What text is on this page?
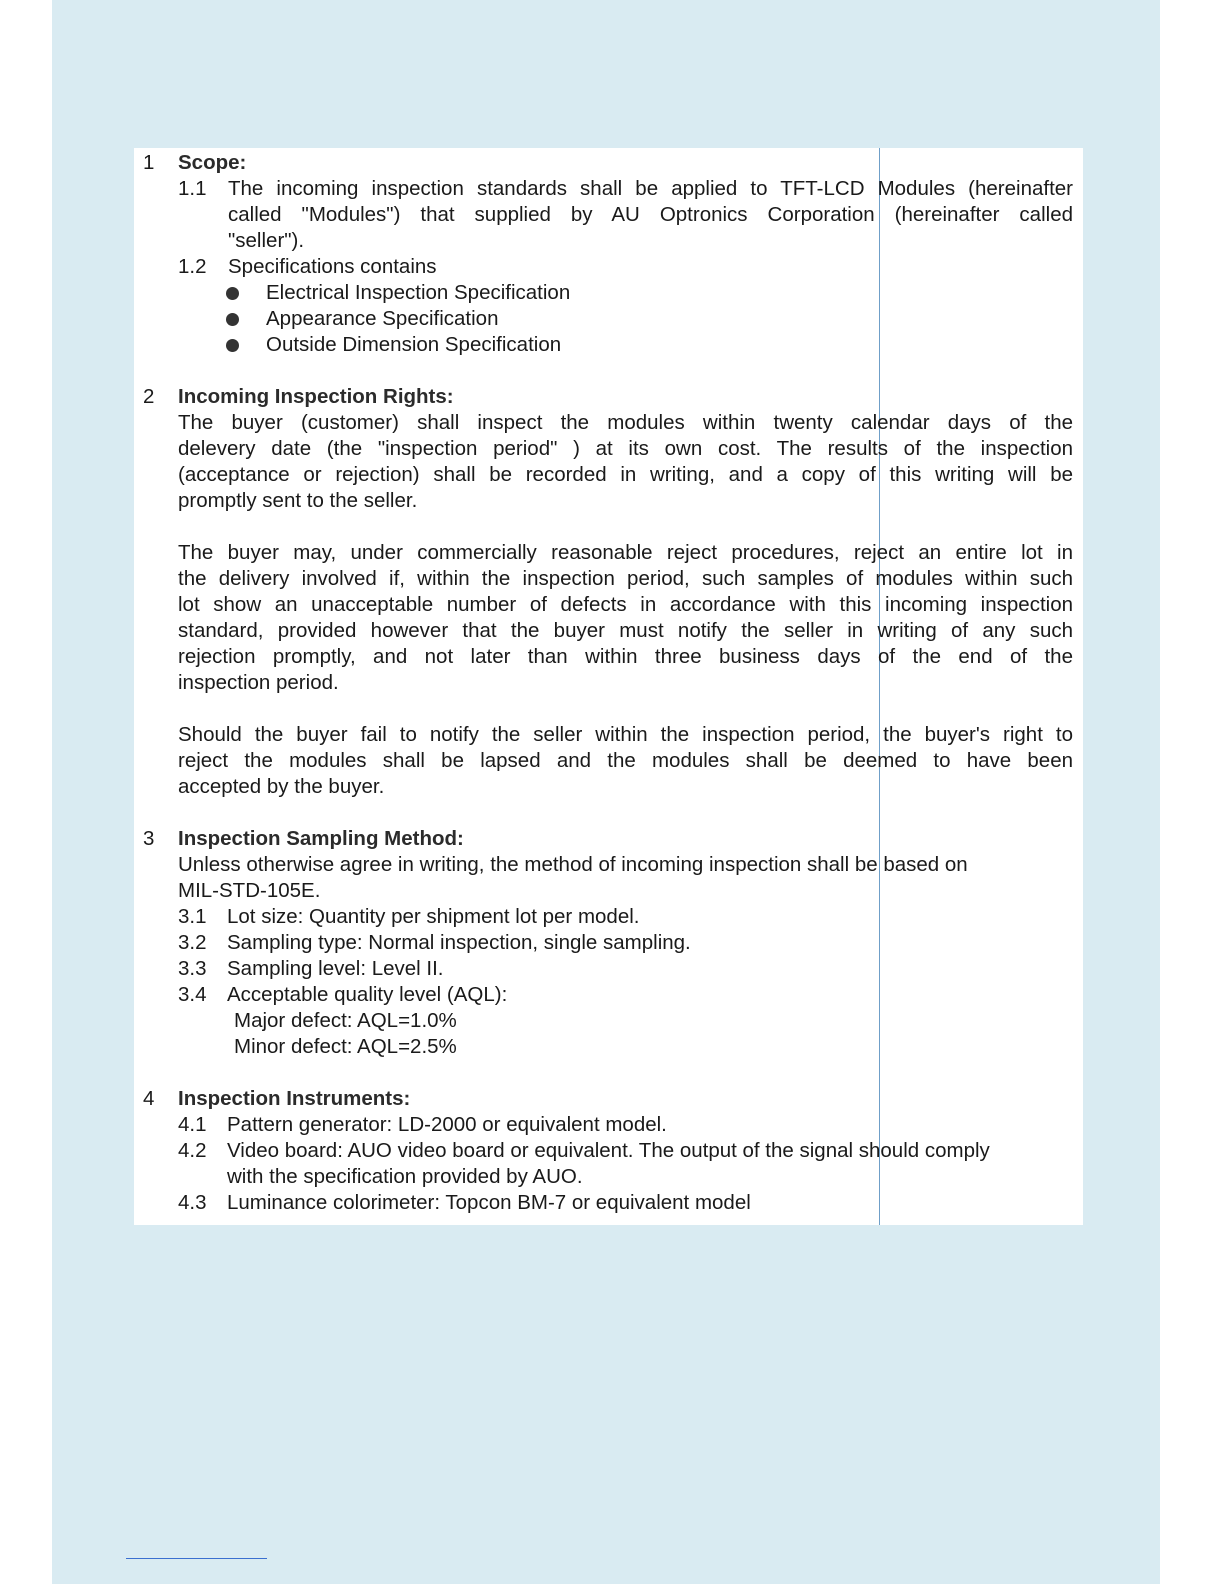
1 Scope:
1.1 The incoming inspection standards shall be applied to TFT-LCD Modules (hereinafter
called "Modules") that supplied by AU Optronics Corporation (hereinafter called
"seller").
1.2 Specifications contains
Electrical Inspection Specification
Appearance Specification
Outside Dimension Specification
2 Incoming Inspection Rights:
The buyer (customer) shall inspect the modules within twenty calendar days of the
delevery date (the "inspection period" ) at its own cost. The results of the inspection
(acceptance or rejection) shall be recorded in writing, and a copy of this writing will be
promptly sent to the seller.
The buyer may, under commercially reasonable reject procedures, reject an entire lot in
the delivery involved if, within the inspection period, such samples of modules within such
lot show an unacceptable number of defects in accordance with this incoming inspection
standard, provided however that the buyer must notify the seller in writing of any such
rejection promptly, and not later than within three business days of the end of the
inspection period.
Should the buyer fail to notify the seller within the inspection period, the buyer's right to
reject the modules shall be lapsed and the modules shall be deemed to have been
accepted by the buyer.
3 Inspection Sampling Method:
Unless otherwise agree in writing, the method of incoming inspection shall be based on
MIL-STD-105E.
3.1 Lot size: Quantity per shipment lot per model.
3.2 Sampling type: Normal inspection, single sampling.
3.3 Sampling level: Level II.
3.4 Acceptable quality level (AQL):
Major defect: AQL=1.0%
Minor defect: AQL=2.5%
4 Inspection Instruments:
4.1 Pattern generator: LD-2000 or equivalent model.
4.2 Video board: AUO video board or equivalent. The output of the signal should comply
with the specification provided by AUO.
4.3 Luminance colorimeter: Topcon BM-7 or equivalent model
